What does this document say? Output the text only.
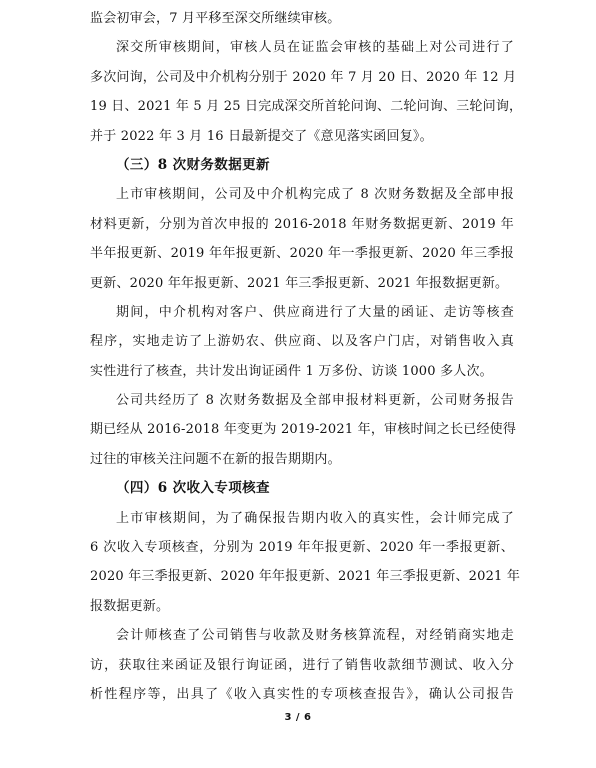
监会初审会，7 月平移至深交所继续审核。
深交所审核期间，审核人员在证监会审核的基础上对公司进行了
多次问询，公司及中介机构分别于 2020 年 7 月 20 日、2020 年 12 月
19 日、2021 年 5 月 25 日完成深交所首轮问询、二轮问询、三轮问询，
并于 2022 年 3 月 16 日最新提交了《意见落实函回复》。
（三）8 次财务数据更新
上市审核期间，公司及中介机构完成了 8 次财务数据及全部申报
材料更新，分别为首次申报的 2016-2018 年财务数据更新、2019 年
半年报更新、2019 年年报更新、2020 年一季报更新、2020 年三季报
更新、2020 年年报更新、2021 年三季报更新、2021 年报数据更新。
期间，中介机构对客户、供应商进行了大量的函证、走访等核查
程序，实地走访了上游奶农、供应商、以及客户门店，对销售收入真
实性进行了核查，共计发出询证函件 1 万多份、访谈 1000 多人次。
公司共经历了 8 次财务数据及全部申报材料更新，公司财务报告
期已经从 2016-2018 年变更为 2019-2021 年，审核时间之长已经使得
过往的审核关注问题不在新的报告期期内。
（四）6 次收入专项核查
上市审核期间，为了确保报告期内收入的真实性，会计师完成了
6 次收入专项核查，分别为 2019 年年报更新、2020 年一季报更新、
2020 年三季报更新、2020 年年报更新、2021 年三季报更新、2021 年
报数据更新。
会计师核查了公司销售与收款及财务核算流程，对经销商实地走
访，获取往来函证及银行询证函，进行了销售收款细节测试、收入分
析性程序等，出具了《收入真实性的专项核查报告》，确认公司报告
3 / 6
